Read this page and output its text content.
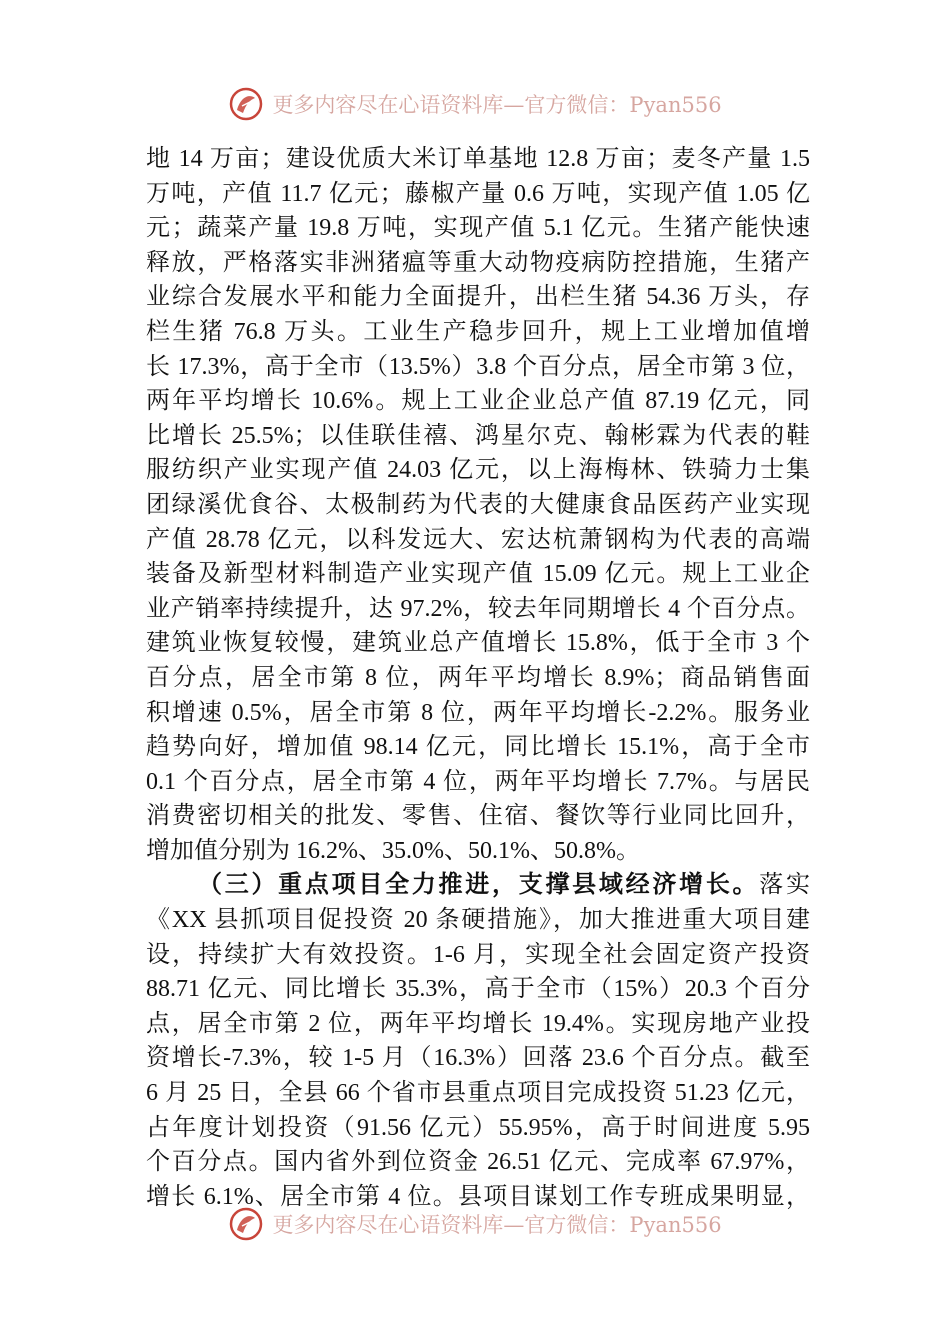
更多内容尽在心语资料库—官方微信：Pyan556
地 14 万亩；建设优质大米订单基地 12.8 万亩；麦冬产量 1.5
万吨，产值 11.7 亿元；藤椒产量 0.6 万吨，实现产值 1.05 亿
元；蔬菜产量 19.8 万吨，实现产值 5.1 亿元。生猪产能快速
释放，严格落实非洲猪瘟等重大动物疫病防控措施，生猪产
业综合发展水平和能力全面提升，出栏生猪 54.36 万头，存
栏生猪 76.8 万头。工业生产稳步回升，规上工业增加值增
长 17.3%，高于全市（13.5%）3.8 个百分点，居全市第 3 位，
两年平均增长 10.6%。规上工业企业总产值 87.19 亿元，同
比增长 25.5%；以佳联佳禧、鸿星尔克、翰彬霖为代表的鞋
服纺织产业实现产值 24.03 亿元，以上海梅林、铁骑力士集
团绿溪优食谷、太极制药为代表的大健康食品医药产业实现
产值 28.78 亿元，以科发远大、宏达杭萧钢构为代表的高端
装备及新型材料制造产业实现产值 15.09 亿元。规上工业企
业产销率持续提升，达 97.2%，较去年同期增长 4 个百分点。
建筑业恢复较慢，建筑业总产值增长 15.8%，低于全市 3 个
百分点，居全市第 8 位，两年平均增长 8.9%；商品销售面
积增速 0.5%，居全市第 8 位，两年平均增长-2.2%。服务业
趋势向好，增加值 98.14 亿元，同比增长 15.1%，高于全市
0.1 个百分点，居全市第 4 位，两年平均增长 7.7%。与居民
消费密切相关的批发、零售、住宿、餐饮等行业同比回升，
增加值分别为 16.2%、35.0%、50.1%、50.8%。
（三）重点项目全力推进，支撑县域经济增长。落实
《XX 县抓项目促投资 20 条硬措施》，加大推进重大项目建
设，持续扩大有效投资。1-6 月，实现全社会固定资产投资
88.71 亿元、同比增长 35.3%，高于全市（15%）20.3 个百分
点，居全市第 2 位，两年平均增长 19.4%。实现房地产业投
资增长-7.3%，较 1-5 月（16.3%）回落 23.6 个百分点。截至
6 月 25 日，全县 66 个省市县重点项目完成投资 51.23 亿元，
占年度计划投资（91.56 亿元）55.95%，高于时间进度 5.95
个百分点。国内省外到位资金 26.51 亿元、完成率 67.97%，
增长 6.1%、居全市第 4 位。县项目谋划工作专班成果明显，
更多内容尽在心语资料库—官方微信：Pyan556
